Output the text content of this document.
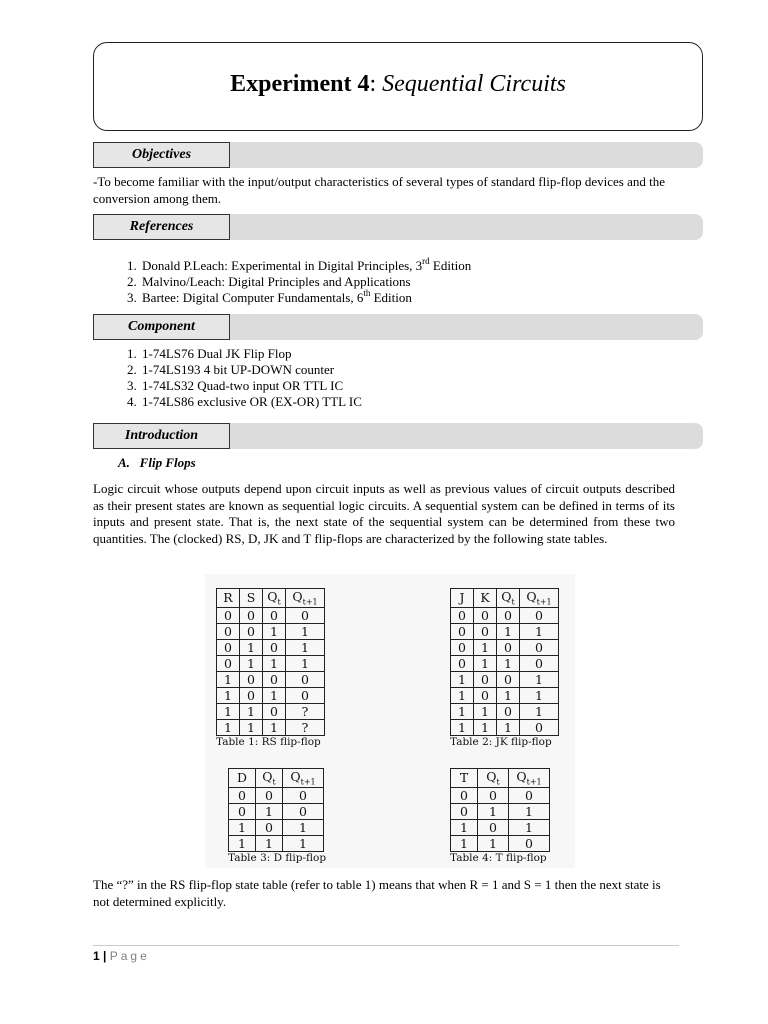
Experiment 4: Sequential Circuits
Objectives
-To become familiar with the input/output characteristics of several types of standard flip-flop devices and the conversion among them.
References
1. Donald P.Leach: Experimental in Digital Principles, 3rd Edition
2. Malvino/Leach: Digital Principles and Applications
3. Bartee: Digital Computer Fundamentals, 6th Edition
Component
1. 1-74LS76 Dual JK Flip Flop
2. 1-74LS193 4 bit UP-DOWN counter
3. 1-74LS32 Quad-two input OR TTL IC
4. 1-74LS86 exclusive OR (EX-OR) TTL IC
Introduction
A.   Flip Flops
Logic circuit whose outputs depend upon circuit inputs as well as previous values of circuit outputs described as their present states are known as sequential logic circuits. A sequential system can be defined in terms of its inputs and present state. That is, the next state of the sequential system can be determined from these two quantities. The (clocked) RS, D, JK and T flip-flops are characterized by the following state tables.
R	S	$Q_t$	$Q_{t+1}$
0	0	0	0
0	0	1	1
0	1	0	1
0	1	1	1
1	0	0	0
1	0	1	0
1	1	0	?
1	1	1	?
Table 1: RS flip-flop
J	K	$Q_t$	$Q_{t+1}$
0	0	0	0
0	0	1	1
0	1	0	0
0	1	1	0
1	0	0	1
1	0	1	1
1	1	0	1
1	1	1	0
Table 2: JK flip-flop
D	$Q_t$	$Q_{t+1}$
0	0	0
0	1	0
1	0	1
1	1	1
Table 3: D flip-flop
T	$Q_t$	$Q_{t+1}$
0	0	0
0	1	1
1	0	1
1	1	0
Table 4: T flip-flop
The “?” in the RS flip-flop state table (refer to table 1) means that when R = 1 and S = 1 then the next state is not determined explicitly.
1 | Page
